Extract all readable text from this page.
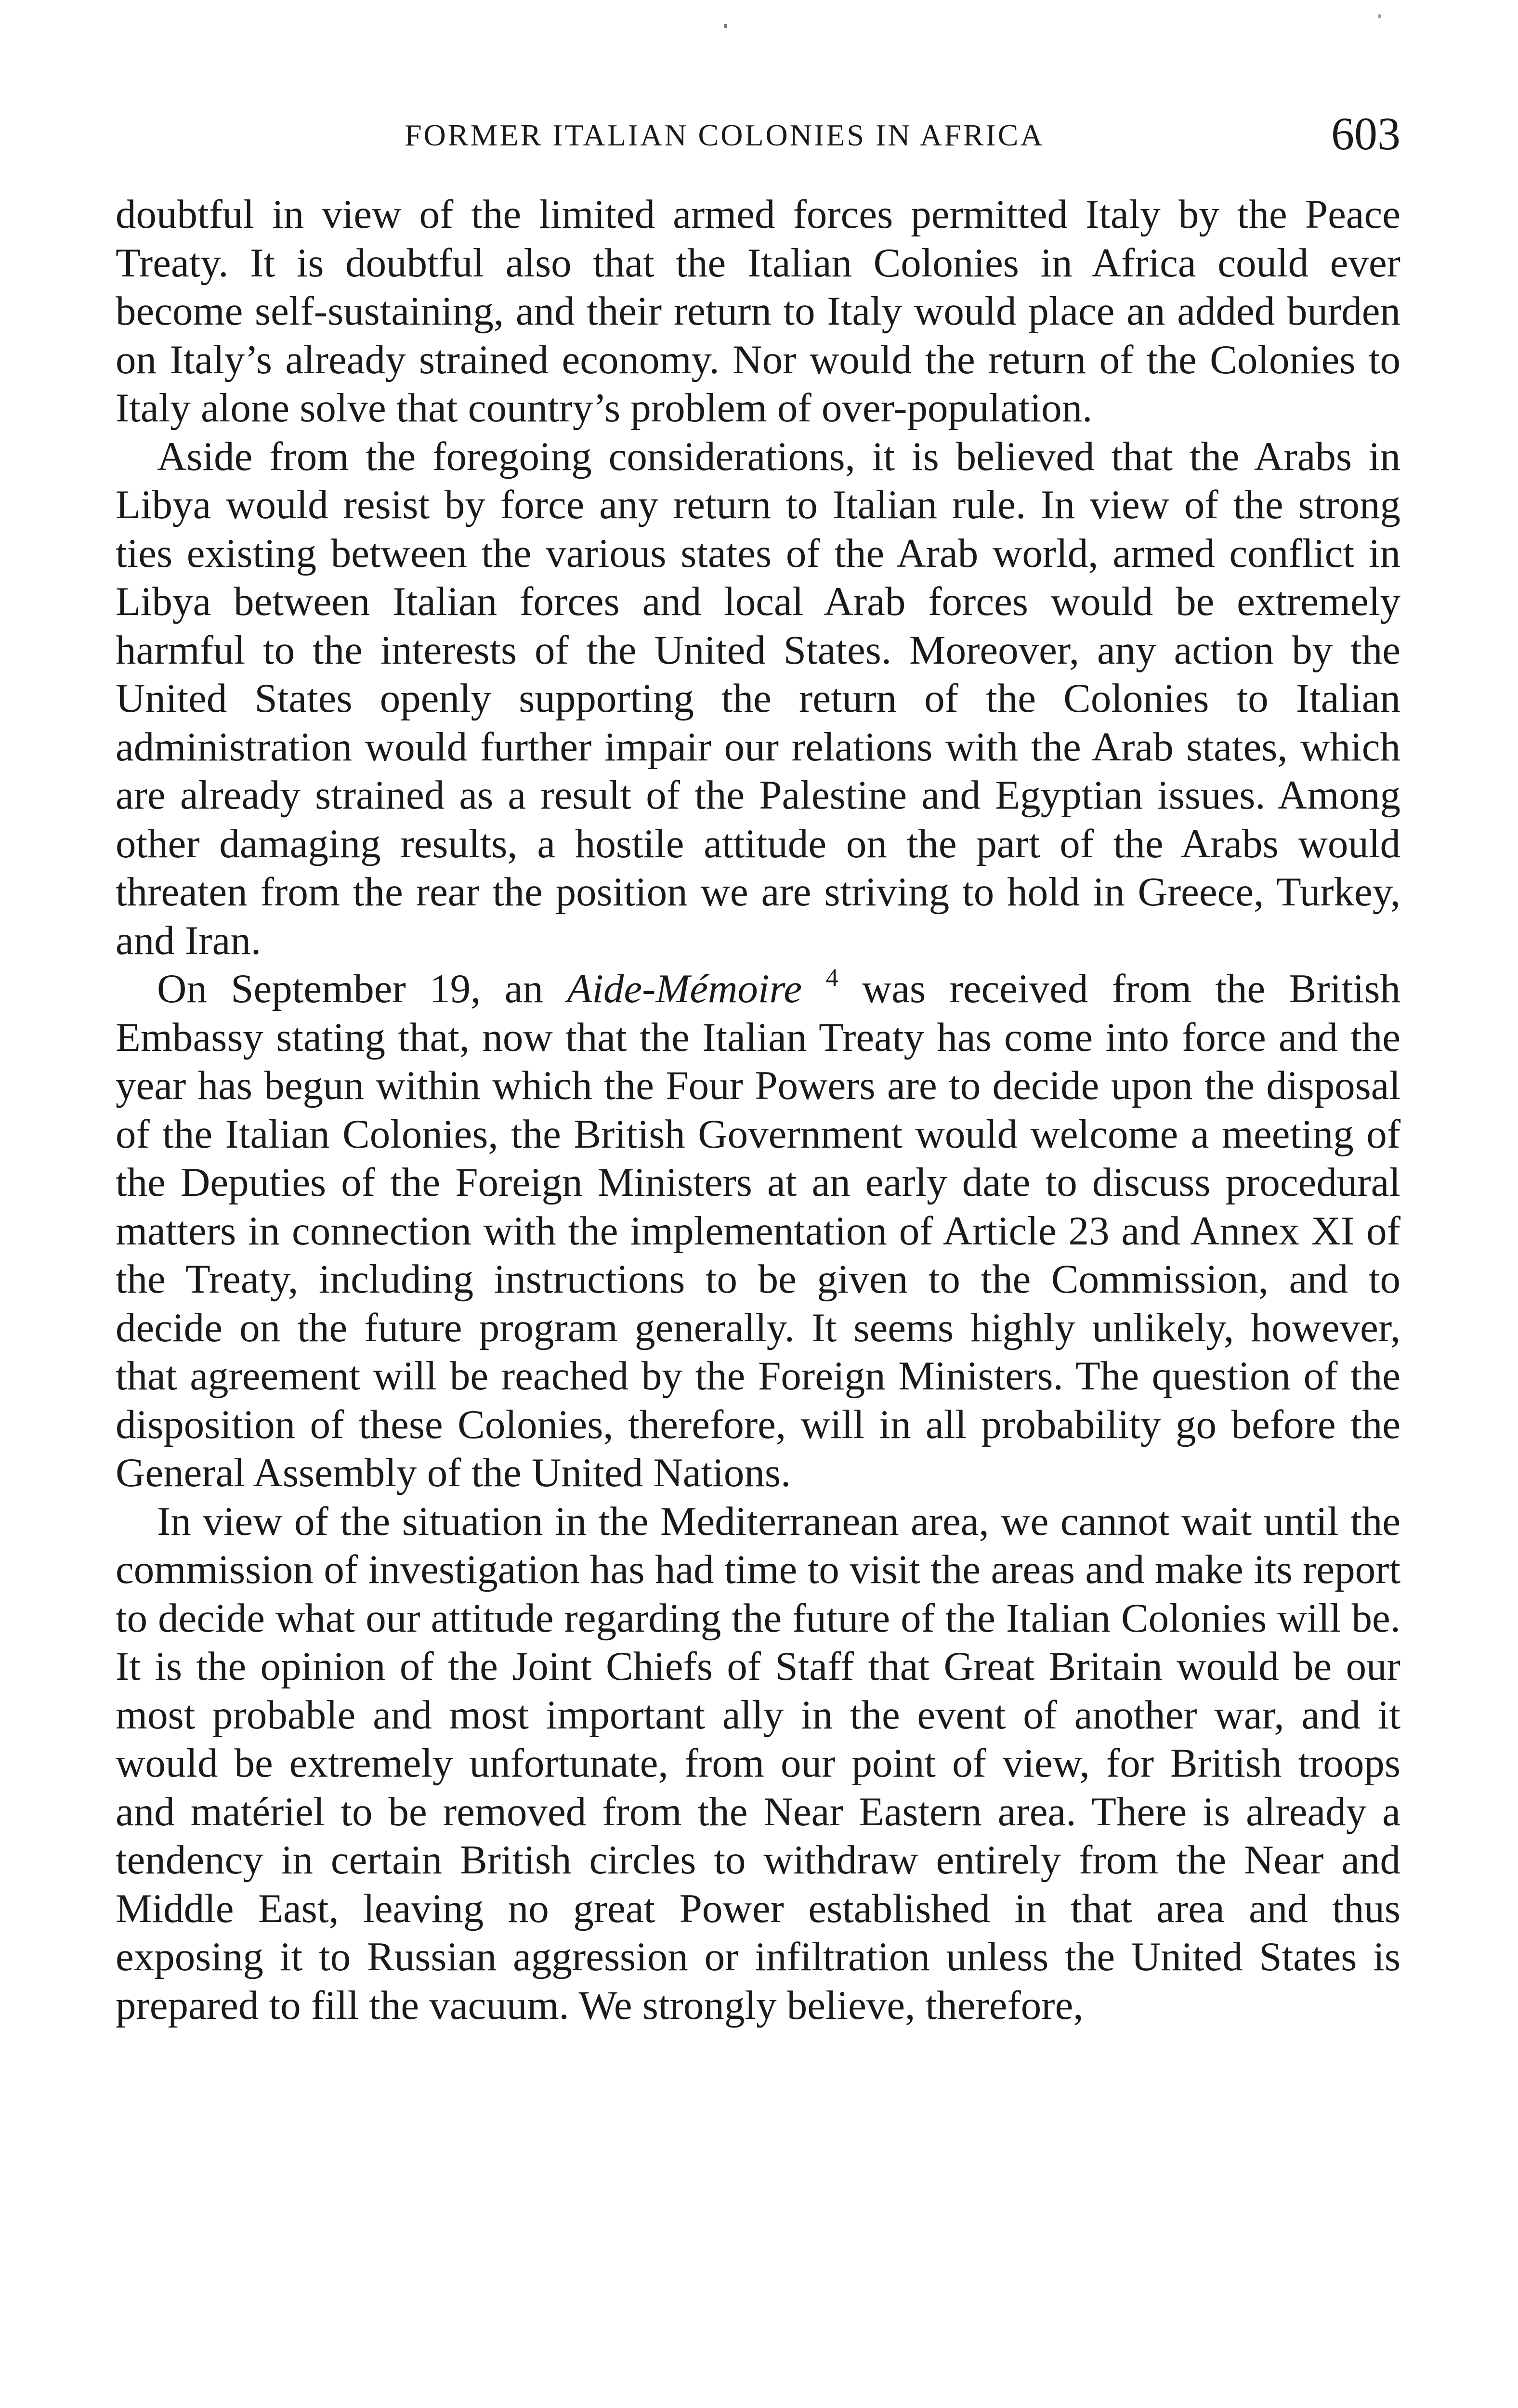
FORMER ITALIAN COLONIES IN AFRICA	603

doubtful in view of the limited armed forces permitted Italy by the Peace Treaty. It is doubtful also that the Italian Colonies in Africa could ever become self-sustaining, and their return to Italy would place an added burden on Italy’s already strained economy. Nor would the return of the Colonies to Italy alone solve that country’s problem of over-population.

Aside from the foregoing considerations, it is believed that the Arabs in Libya would resist by force any return to Italian rule. In view of the strong ties existing between the various states of the Arab world, armed conflict in Libya between Italian forces and local Arab forces would be extremely harmful to the interests of the United States. Moreover, any action by the United States openly supporting the return of the Colonies to Italian administration would further impair our relations with the Arab states, which are already strained as a result of the Palestine and Egyptian issues. Among other damaging results, a hostile attitude on the part of the Arabs would threaten from the rear the position we are striving to hold in Greece, Turkey, and Iran.

On September 19, an Aide-Mémoire $^4$ was received from the British Embassy stating that, now that the Italian Treaty has come into force and the year has begun within which the Four Powers are to decide upon the disposal of the Italian Colonies, the British Government would welcome a meeting of the Deputies of the Foreign Ministers at an early date to discuss procedural matters in connection with the implementation of Article 23 and Annex XI of the Treaty, including instructions to be given to the Commission, and to decide on the future program generally. It seems highly unlikely, however, that agreement will be reached by the Foreign Ministers. The question of the disposition of these Colonies, therefore, will in all probability go before the General Assembly of the United Nations.

In view of the situation in the Mediterranean area, we cannot wait until the commission of investigation has had time to visit the areas and make its report to decide what our attitude regarding the future of the Italian Colonies will be. It is the opinion of the Joint Chiefs of Staff that Great Britain would be our most probable and most important ally in the event of another war, and it would be extremely unfortunate, from our point of view, for British troops and matériel to be removed from the Near Eastern area. There is already a tendency in certain British circles to withdraw entirely from the Near and Middle East, leaving no great Power established in that area and thus exposing it to Russian aggression or infiltration unless the United States is prepared to fill the vacuum. We strongly believe, therefore,
